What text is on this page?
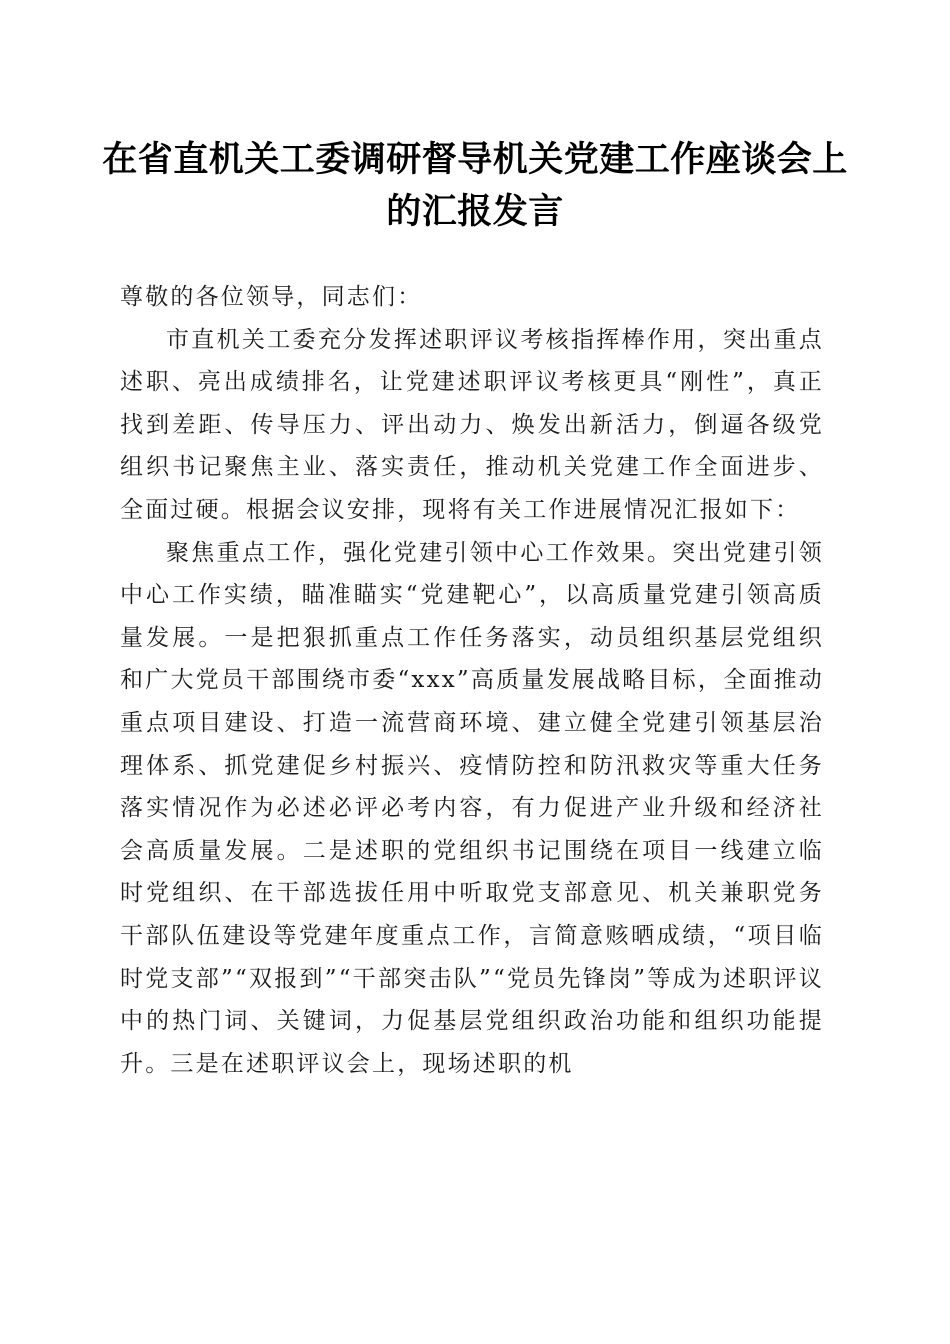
在省直机关工委调研督导机关党建工作座谈会上的汇报发言

尊敬的各位领导，同志们：

市直机关工委充分发挥述职评议考核指挥棒作用，突出重点述职、亮出成绩排名，让党建述职评议考核更具“刚性”，真正找到差距、传导压力、评出动力、焕发出新活力，倒逼各级党组织书记聚焦主业、落实责任，推动机关党建工作全面进步、全面过硬。根据会议安排，现将有关工作进展情况汇报如下：

聚焦重点工作，强化党建引领中心工作效果。突出党建引领中心工作实绩，瞄准瞄实“党建靶心”，以高质量党建引领高质量发展。一是把狠抓重点工作任务落实，动员组织基层党组织和广大党员干部围绕市委“xxx”高质量发展战略目标，全面推动重点项目建设、打造一流营商环境、建立健全党建引领基层治理体系、抓党建促乡村振兴、疫情防控和防汛救灾等重大任务落实情况作为必述必评必考内容，有力促进产业升级和经济社会高质量发展。二是述职的党组织书记围绕在项目一线建立临时党组织、在干部选拔任用中听取党支部意见、机关兼职党务干部队伍建设等党建年度重点工作，言简意赅晒成绩，“项目临时党支部”“双报到”“干部突击队”“党员先锋岗”等成为述职评议中的热门词、关键词，力促基层党组织政治功能和组织功能提升。三是在述职评议会上，现场述职的机
